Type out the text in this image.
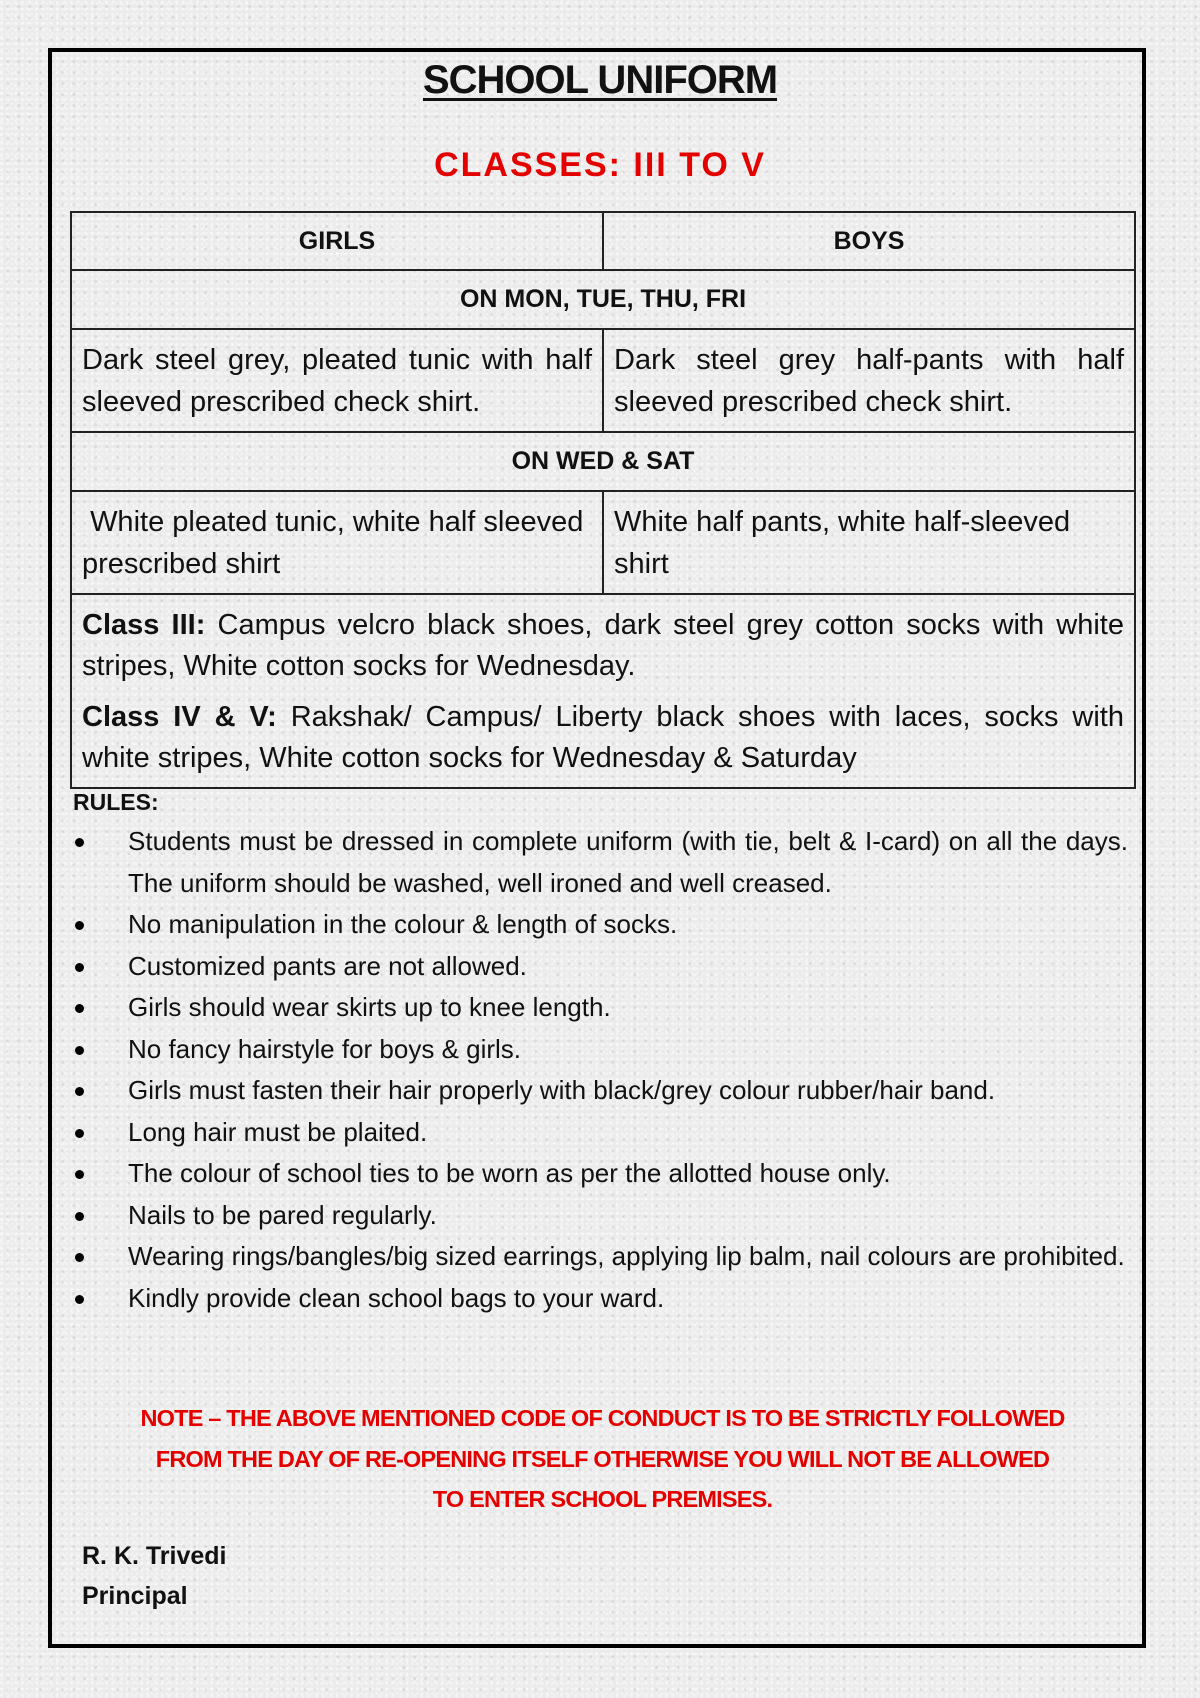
SCHOOL UNIFORM
CLASSES: III TO V
GIRLS	BOYS
ON MON, TUE, THU, FRI	
Dark steel grey, pleated tunic with half sleeved prescribed check shirt.	Dark steel grey half-pants with half sleeved prescribed check shirt.
ON WED & SAT	
White pleated tunic, white half sleeved prescribed shirt	White half pants, white half-sleeved shirt

Class III: Campus velcro black shoes, dark steel grey cotton socks with white stripes, White cotton socks for Wednesday.

Class IV & V: Rakshak/ Campus/ Liberty black shoes with laces, socks with white stripes, White cotton socks for Wednesday & Saturday	

RULES:
Students must be dressed in complete uniform (with tie, belt & I-card) on all the days. The uniform should be washed, well ironed and well creased.
No manipulation in the colour & length of socks.
Customized pants are not allowed.
Girls should wear skirts up to knee length.
No fancy hairstyle for boys & girls.
Girls must fasten their hair properly with black/grey colour rubber/hair band.
Long hair must be plaited.
The colour of school ties to be worn as per the allotted house only.
Nails to be pared regularly.
Wearing rings/bangles/big sized earrings, applying lip balm, nail colours are prohibited.
Kindly provide clean school bags to your ward.
NOTE – THE ABOVE MENTIONED CODE OF CONDUCT IS TO BE STRICTLY FOLLOWED
FROM THE DAY OF RE-OPENING ITSELF OTHERWISE YOU WILL NOT BE ALLOWED
TO ENTER SCHOOL PREMISES.
R. K. Trivedi
Principal
